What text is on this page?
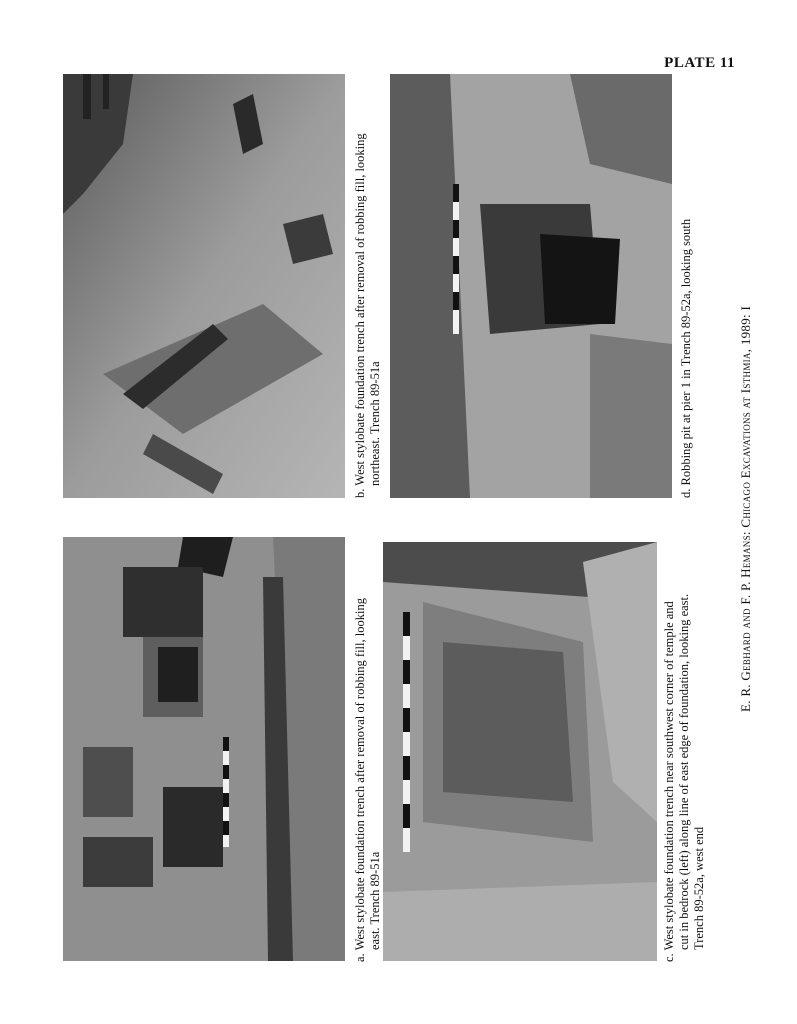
PLATE 11
b. West stylobate foundation trench after removal of robbing fill, looking northeast. Trench 89-51a	d. Robbing pit at pier 1 in Trench 89-52a, looking south
a. West stylobate foundation trench after removal of robbing fill, looking east. Trench 89-51a	c. West stylobate foundation trench near southwest corner of temple and cut in bedrock (left) along line of east edge of foundation, looking east. Trench 89-52a, west end
E. R. Gebhard and F. P. Hemans: Chicago Excavations at Isthmia, 1989: I
